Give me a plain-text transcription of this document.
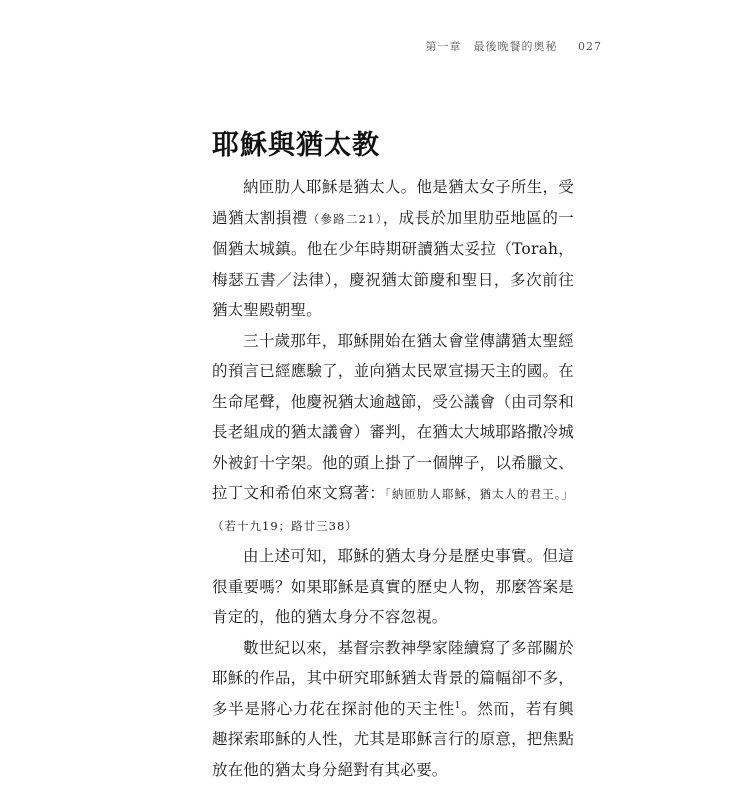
第一章　最後晚餐的奧秘 027
耶穌與猶太教

納匝肋人耶穌是猶太人。他是猶太女子所生，受過猶太割損禮（參路二21），成長於加里肋亞地區的一個猶太城鎮。他在少年時期研讀猶太妥拉（Torah，梅瑟五書／法律），慶祝猶太節慶和聖日，多次前往猶太聖殿朝聖。

三十歲那年，耶穌開始在猶太會堂傳講猶太聖經的預言已經應驗了，並向猶太民眾宣揚天主的國。在生命尾聲，他慶祝猶太逾越節，受公議會（由司祭和長老組成的猶太議會）審判，在猶太大城耶路撒冷城外被釘十字架。他的頭上掛了一個牌子，以希臘文、拉丁文和希伯來文寫著：「納匝肋人耶穌，猶太人的君王。」（若十九19；路廿三38）

由上述可知，耶穌的猶太身分是歷史事實。但這很重要嗎？如果耶穌是真實的歷史人物，那麼答案是肯定的，他的猶太身分不容忽視。

數世紀以來，基督宗教神學家陸續寫了多部關於耶穌的作品，其中研究耶穌猶太背景的篇幅卻不多，多半是將心力花在探討他的天主性$^1$。然而，若有興趣探索耶穌的人性，尤其是耶穌言行的原意，把焦點放在他的猶太身分絕對有其必要。
